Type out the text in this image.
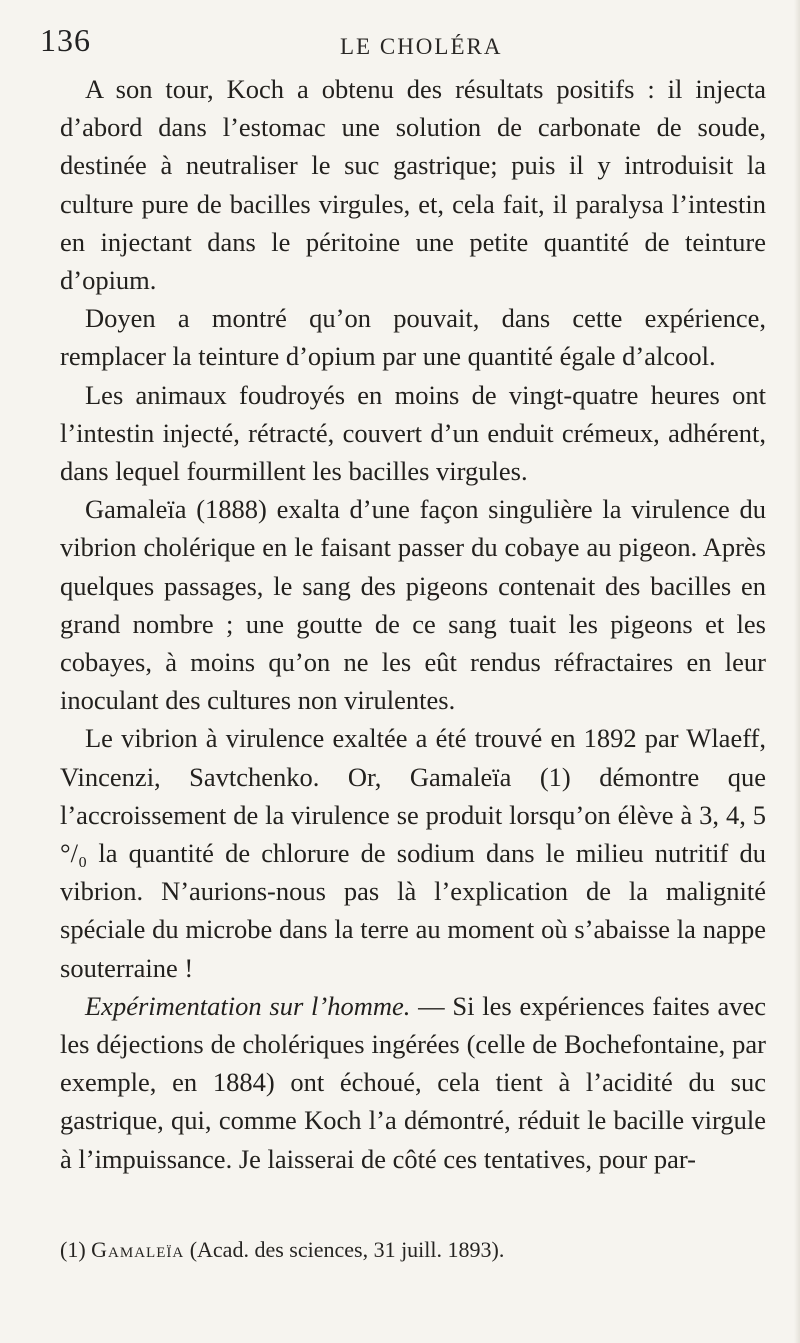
136	LE CHOLÉRA

A son tour, Koch a obtenu des résultats positifs : il injecta d’abord dans l’estomac une solution de carbonate de soude, destinée à neutraliser le suc gastrique; puis il y introduisit la culture pure de bacilles virgules, et, cela fait, il paralysa l’intestin en injectant dans le péritoine une petite quantité de teinture d’opium.

Doyen a montré qu’on pouvait, dans cette expérience, remplacer la teinture d’opium par une quantité égale d’alcool.

Les animaux foudroyés en moins de vingt-quatre heures ont l’intestin injecté, rétracté, couvert d’un enduit crémeux, adhérent, dans lequel fourmillent les bacilles virgules.

Gamaleïa (1888) exalta d’une façon singulière la virulence du vibrion cholérique en le faisant passer du cobaye au pigeon. Après quelques passages, le sang des pigeons contenait des bacilles en grand nombre ; une goutte de ce sang tuait les pigeons et les cobayes, à moins qu’on ne les eût rendus réfractaires en leur inoculant des cultures non virulentes.

Le vibrion à virulence exaltée a été trouvé en 1892 par Wlaeff, Vincenzi, Savtchenko. Or, Gamaleïa (1) démontre que l’accroissement de la virulence se produit lorsqu’on élève à 3, 4, 5 °/₀ la quantité de chlorure de sodium dans le milieu nutritif du vibrion. N’aurions-nous pas là l’explication de la malignité spéciale du microbe dans la terre au moment où s’abaisse la nappe souterraine !

Expérimentation sur l’homme. — Si les expériences faites avec les déjections de cholériques ingérées (celle de Bochefontaine, par exemple, en 1884) ont échoué, cela tient à l’acidité du suc gastrique, qui, comme Koch l’a démontré, réduit le bacille virgule à l’impuissance. Je laisserai de côté ces tentatives, pour par-

(1) Gamaleïa (Acad. des sciences, 31 juill. 1893).
